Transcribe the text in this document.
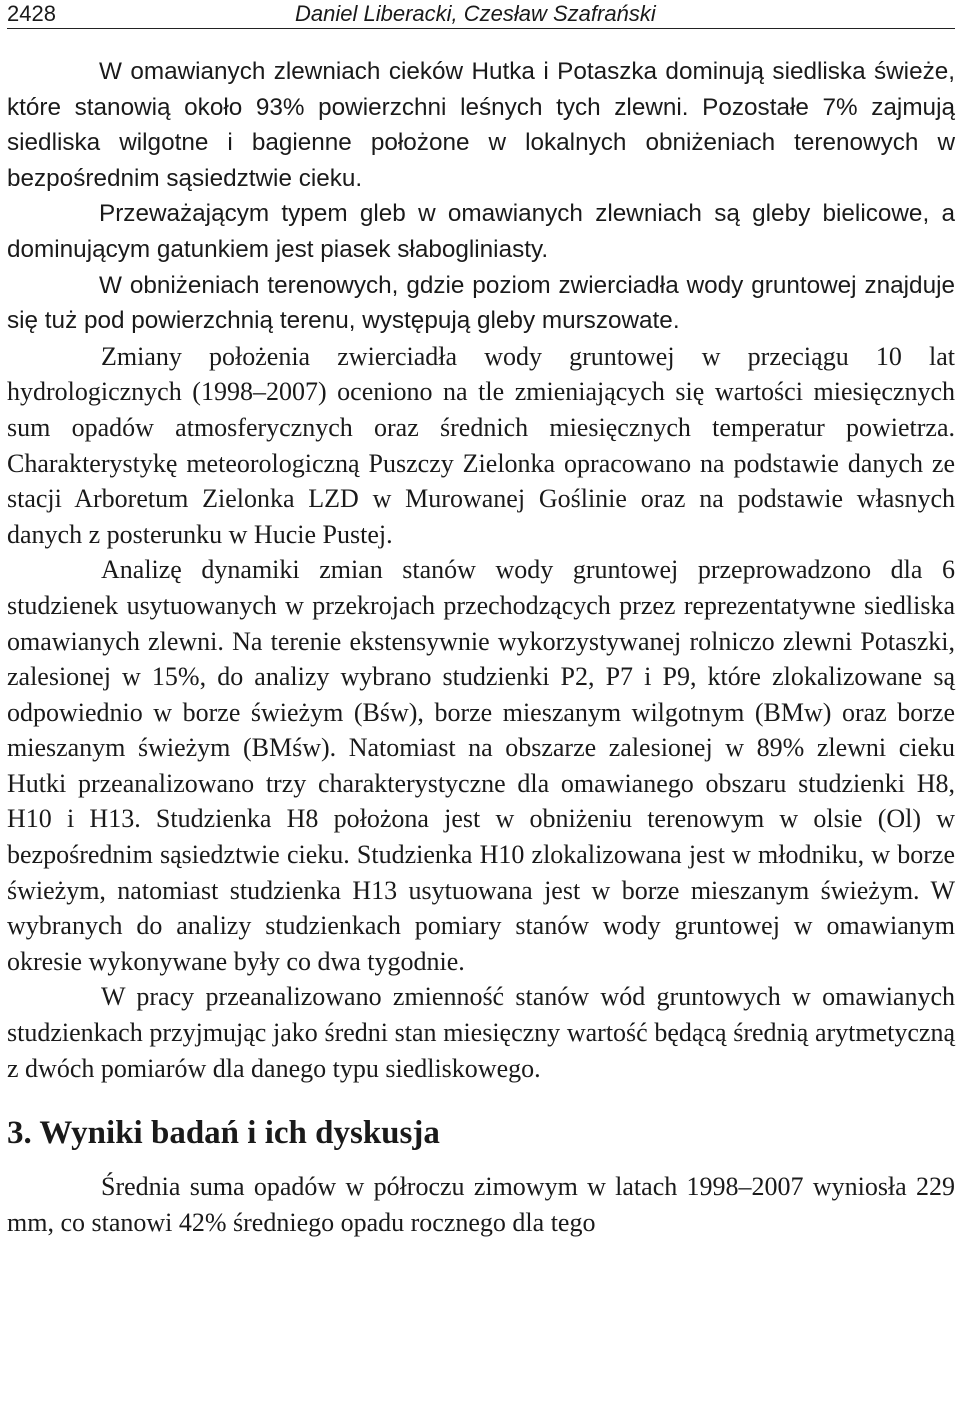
2428	Daniel Liberacki, Czesław Szafrański

W omawianych zlewniach cieków Hutka i Potaszka dominują siedliska świeże, które stanowią około 93% powierzchni leśnych tych zlewni. Pozostałe 7% zajmują siedliska wilgotne i bagienne położone w lokalnych obniżeniach terenowych w bezpośrednim sąsiedztwie cieku.

Przeważającym typem gleb w omawianych zlewniach są gleby bielicowe, a dominującym gatunkiem jest piasek słabogliniasty.

W obniżeniach terenowych, gdzie poziom zwierciadła wody gruntowej znajduje się tuż pod powierzchnią terenu, występują gleby murszowate.

Zmiany położenia zwierciadła wody gruntowej w przeciągu 10 lat hydrologicznych (1998–2007) oceniono na tle zmieniających się wartości miesięcznych sum opadów atmosferycznych oraz średnich miesięcznych temperatur powietrza. Charakterystykę meteorologiczną Puszczy Zielonka opracowano na podstawie danych ze stacji Arboretum Zielonka LZD w Murowanej Goślinie oraz na podstawie własnych danych z posterunku w Hucie Pustej.

Analizę dynamiki zmian stanów wody gruntowej przeprowadzono dla 6 studzienek usytuowanych w przekrojach przechodzących przez reprezentatywne siedliska omawianych zlewni. Na terenie ekstensywnie wykorzystywanej rolniczo zlewni Potaszki, zalesionej w 15%, do analizy wybrano studzienki P2, P7 i P9, które zlokalizowane są odpowiednio w borze świeżym (Bśw), borze mieszanym wilgotnym (BMw) oraz borze mieszanym świeżym (BMśw). Natomiast na obszarze zalesionej w 89% zlewni cieku Hutki przeanalizowano trzy charakterystyczne dla omawianego obszaru studzienki H8, H10 i H13. Studzienka H8 położona jest w obniżeniu terenowym w olsie (Ol) w bezpośrednim sąsiedztwie cieku. Studzienka H10 zlokalizowana jest w młodniku, w borze świeżym, natomiast studzienka H13 usytuowana jest w borze mieszanym świeżym. W wybranych do analizy studzienkach pomiary stanów wody gruntowej w omawianym okresie wykonywane były co dwa tygodnie.

W pracy przeanalizowano zmienność stanów wód gruntowych w omawianych studzienkach przyjmując jako średni stan miesięczny wartość będącą średnią arytmetyczną z dwóch pomiarów dla danego typu siedliskowego.

3. Wyniki badań i ich dyskusja

Średnia suma opadów w półroczu zimowym w latach 1998–2007 wyniosła 229 mm, co stanowi 42% średniego opadu rocznego dla tego
